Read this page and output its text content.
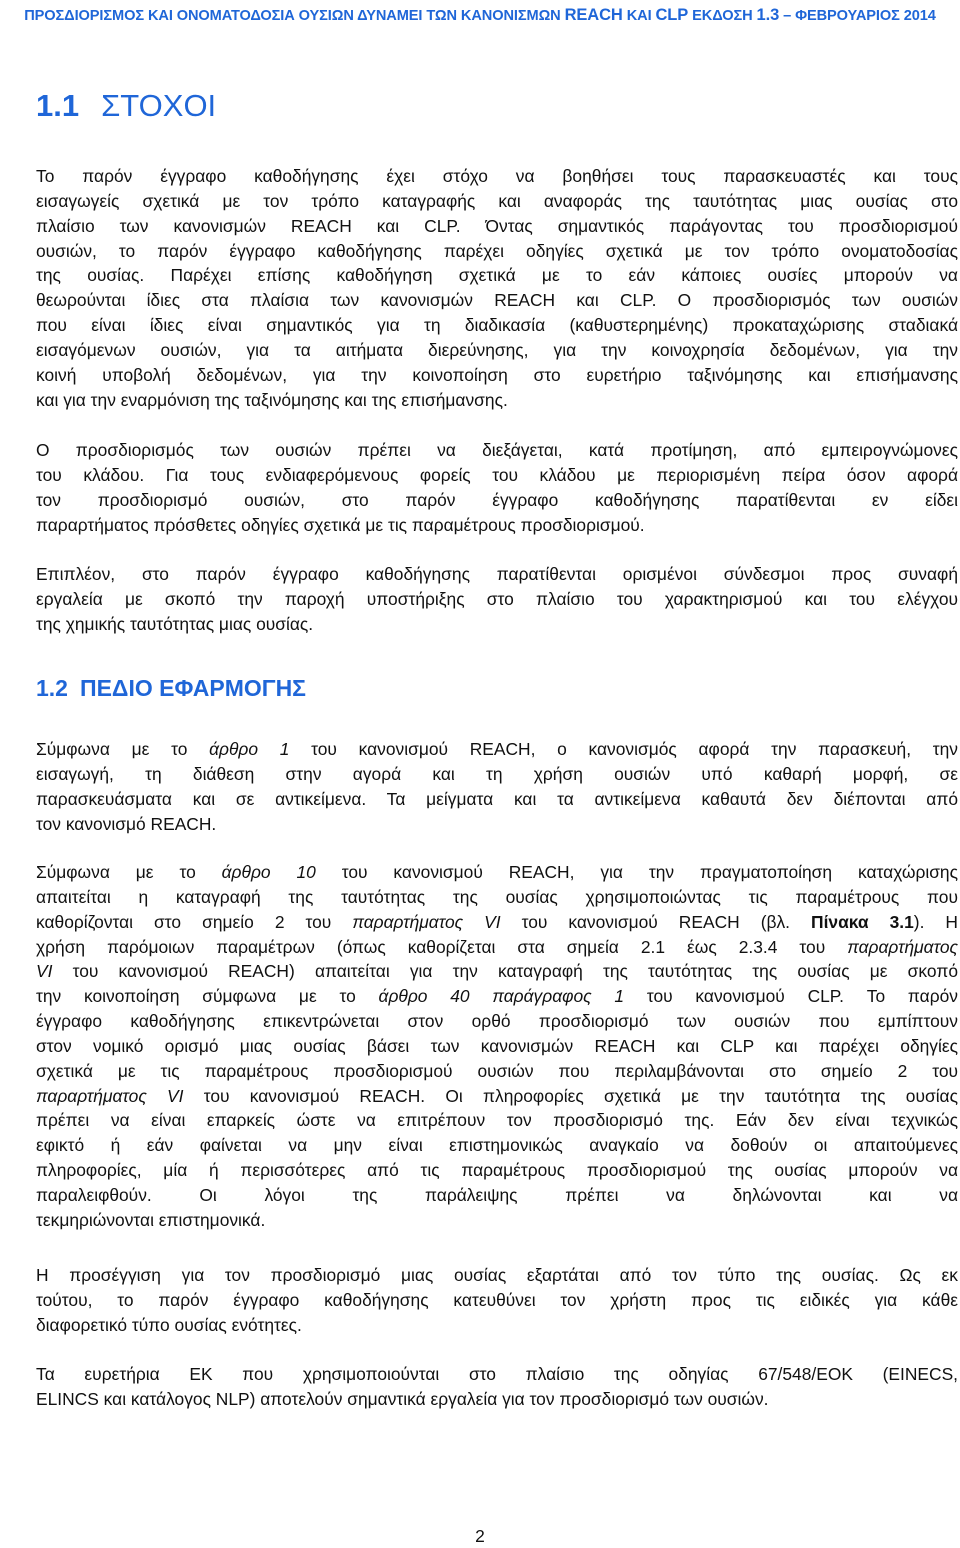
ΠΡΟΣΔΙΟΡΙΣΜΟΣ ΚΑΙ ΟΝΟΜΑΤΟΔΟΣΙΑ ΟΥΣΙΩΝ ΔΥΝΑΜΕΙ ΤΩΝ ΚΑΝΟΝΙΣΜΩΝ REACH ΚΑΙ CLP ΕΚΔΟΣΗ 1.3 – ΦΕΒΡΟΥΑΡΙΟΣ 2014
1.1 ΣΤΟΧΟΙ
Το παρόν έγγραφο καθοδήγησης έχει στόχο να βοηθήσει τους παρασκευαστές και τους
εισαγωγείς σχετικά με τον τρόπο καταγραφής και αναφοράς της ταυτότητας μιας ουσίας στο
πλαίσιο των κανονισμών REACH και CLP. Όντας σημαντικός παράγοντας του προσδιορισμού
ουσιών, το παρόν έγγραφο καθοδήγησης παρέχει οδηγίες σχετικά με τον τρόπο ονοματοδοσίας
της ουσίας. Παρέχει επίσης καθοδήγηση σχετικά με το εάν κάποιες ουσίες μπορούν να
θεωρούνται ίδιες στα πλαίσια των κανονισμών REACH και CLP. Ο προσδιορισμός των ουσιών
που είναι ίδιες είναι σημαντικός για τη διαδικασία (καθυστερημένης) προκαταχώρισης σταδιακά
εισαγόμενων ουσιών, για τα αιτήματα διερεύνησης, για την κοινοχρησία δεδομένων, για την
κοινή υποβολή δεδομένων, για την κοινοποίηση στο ευρετήριο ταξινόμησης και επισήμανσης
και για την εναρμόνιση της ταξινόμησης και της επισήμανσης.
Ο προσδιορισμός των ουσιών πρέπει να διεξάγεται, κατά προτίμηση, από εμπειρογνώμονες
του κλάδου. Για τους ενδιαφερόμενους φορείς του κλάδου με περιορισμένη πείρα όσον αφορά
τον προσδιορισμό ουσιών, στο παρόν έγγραφο καθοδήγησης παρατίθενται εν είδει
παραρτήματος πρόσθετες οδηγίες σχετικά με τις παραμέτρους προσδιορισμού.
Επιπλέον, στο παρόν έγγραφο καθοδήγησης παρατίθενται ορισμένοι σύνδεσμοι προς συναφή
εργαλεία με σκοπό την παροχή υποστήριξης στο πλαίσιο του χαρακτηρισμού και του ελέγχου
της χημικής ταυτότητας μιας ουσίας.
1.2 ΠΕΔΙΟ ΕΦΑΡΜΟΓΗΣ
Σύμφωνα με το άρθρο 1 του κανονισμού REACH, ο κανονισμός αφορά την παρασκευή, την
εισαγωγή, τη διάθεση στην αγορά και τη χρήση ουσιών υπό καθαρή μορφή, σε
παρασκευάσματα και σε αντικείμενα. Τα μείγματα και τα αντικείμενα καθαυτά δεν διέπονται από
τον κανονισμό REACH.
Σύμφωνα με το άρθρο 10 του κανονισμού REACH, για την πραγματοποίηση καταχώρισης
απαιτείται η καταγραφή της ταυτότητας της ουσίας χρησιμοποιώντας τις παραμέτρους που
καθορίζονται στο σημείο 2 του παραρτήματος VI του κανονισμού REACH (βλ. Πίνακα 3.1). Η
χρήση παρόμοιων παραμέτρων (όπως καθορίζεται στα σημεία 2.1 έως 2.3.4 του παραρτήματος
VI του κανονισμού REACH) απαιτείται για την καταγραφή της ταυτότητας της ουσίας με σκοπό
την κοινοποίηση σύμφωνα με το άρθρο 40 παράγραφος 1 του κανονισμού CLP. Το παρόν
έγγραφο καθοδήγησης επικεντρώνεται στον ορθό προσδιορισμό των ουσιών που εμπίπτουν
στον νομικό ορισμό μιας ουσίας βάσει των κανονισμών REACH και CLP και παρέχει οδηγίες
σχετικά με τις παραμέτρους προσδιορισμού ουσιών που περιλαμβάνονται στο σημείο 2 του
παραρτήματος VI του κανονισμού REACH. Οι πληροφορίες σχετικά με την ταυτότητα της ουσίας
πρέπει να είναι επαρκείς ώστε να επιτρέπουν τον προσδιορισμό της. Εάν δεν είναι τεχνικώς
εφικτό ή εάν φαίνεται να μην είναι επιστημονικώς αναγκαίο να δοθούν οι απαιτούμενες
πληροφορίες, μία ή περισσότερες από τις παραμέτρους προσδιορισμού της ουσίας μπορούν να
παραλειφθούν. Οι λόγοι της παράλειψης πρέπει να δηλώνονται και να
τεκμηριώνονται επιστημονικά.
Η προσέγγιση για τον προσδιορισμό μιας ουσίας εξαρτάται από τον τύπο της ουσίας. Ως εκ
τούτου, το παρόν έγγραφο καθοδήγησης κατευθύνει τον χρήστη προς τις ειδικές για κάθε
διαφορετικό τύπο ουσίας ενότητες.
Τα ευρετήρια ΕΚ που χρησιμοποιούνται στο πλαίσιο της οδηγίας 67/548/ΕΟΚ (EINECS,
ELINCS και κατάλογος NLP) αποτελούν σημαντικά εργαλεία για τον προσδιορισμό των ουσιών.
2
